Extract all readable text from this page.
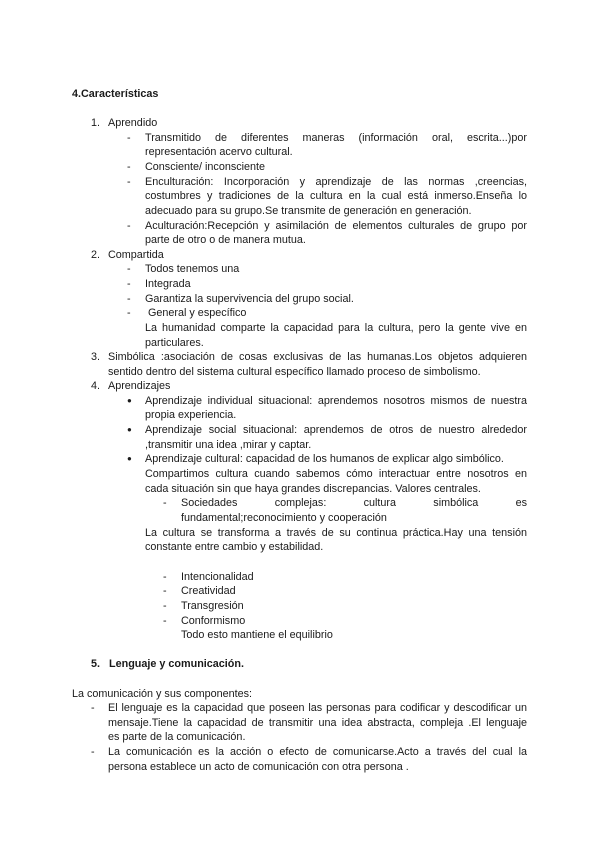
4.Características
1. Aprendido
- Transmitido de diferentes maneras (información oral, escrita...)por
representación acervo cultural.
- Consciente/ inconsciente
- Enculturación: Incorporación y aprendizaje de las normas ,creencias,
costumbres y tradiciones de la cultura en la cual está inmerso.Enseña lo
adecuado para su grupo.Se transmite de generación en generación.
- Aculturación:Recepción y asimilación de elementos culturales de grupo por
parte de otro o de manera mutua.
2. Compartida
- Todos tenemos una
- Integrada
- Garantiza la supervivencia del grupo social.
- General y específico
La humanidad comparte la capacidad para la cultura, pero la gente vive en
particulares.
3. Simbólica :asociación de cosas exclusivas de las humanas.Los objetos adquieren
sentido dentro del sistema cultural específico llamado proceso de simbolismo.
4. Aprendizajes
● Aprendizaje individual situacional: aprendemos nosotros mismos de nuestra
propia experiencia.
● Aprendizaje social situacional: aprendemos de otros de nuestro alrededor
,transmitir una idea ,mirar y captar.
● Aprendizaje cultural: capacidad de los humanos de explicar algo simbólico.
Compartimos cultura cuando sabemos cómo interactuar entre nosotros en
cada situación sin que haya grandes discrepancias. Valores centrales.
- Sociedades complejas: cultura simbólica es
fundamental;reconocimiento y cooperación
La cultura se transforma a través de su continua práctica.Hay una tensión
constante entre cambio y estabilidad.
- Intencionalidad
- Creatividad
- Transgresión
- Conformismo
Todo esto mantiene el equilibrio
5.   Lenguaje y comunicación.
La comunicación y sus componentes:
- El lenguaje es la capacidad que poseen las personas para codificar y descodificar un
mensaje.Tiene la capacidad de transmitir una idea abstracta, compleja .El lenguaje
es parte de la comunicación.
- La comunicación es la acción o efecto de comunicarse.Acto a través del cual la
persona establece un acto de comunicación con otra persona .
